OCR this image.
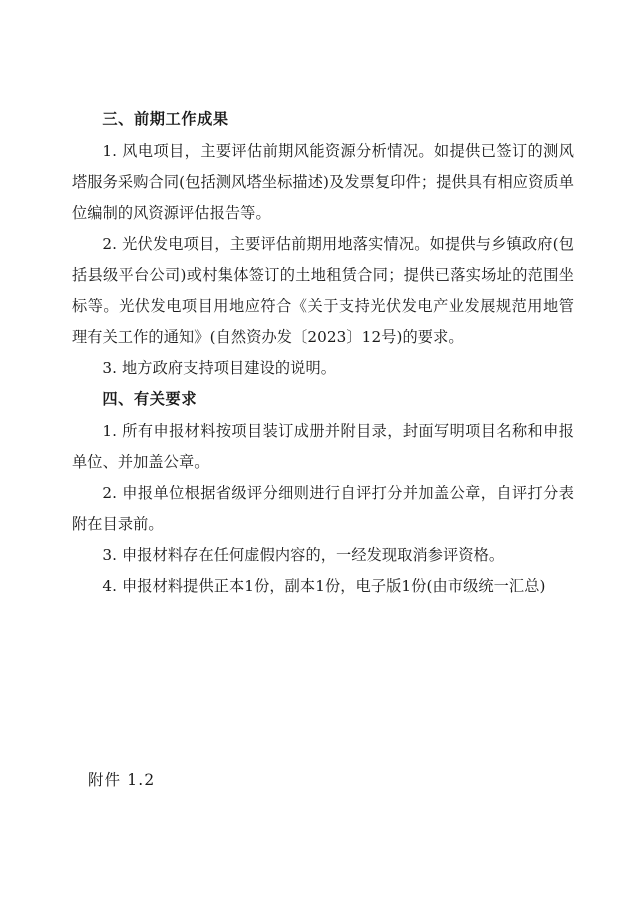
三、前期工作成果

1. 风电项目，主要评估前期风能资源分析情况。如提供已签订的测风塔服务采购合同(包括测风塔坐标描述)及发票复印件；提供具有相应资质单位编制的风资源评估报告等。

2. 光伏发电项目，主要评估前期用地落实情况。如提供与乡镇政府(包括县级平台公司)或村集体签订的土地租赁合同；提供已落实场址的范围坐标等。光伏发电项目用地应符合《关于支持光伏发电产业发展规范用地管理有关工作的通知》(自然资办发〔2023〕12号)的要求。

3. 地方政府支持项目建设的说明。

四、有关要求

1. 所有申报材料按项目装订成册并附目录，封面写明项目名称和申报单位、并加盖公章。

2. 申报单位根据省级评分细则进行自评打分并加盖公章，自评打分表附在目录前。

3. 申报材料存在任何虚假内容的，一经发现取消参评资格。

4. 申报材料提供正本1份，副本1份，电子版1份(由市级统一汇总)

附件 1.2
